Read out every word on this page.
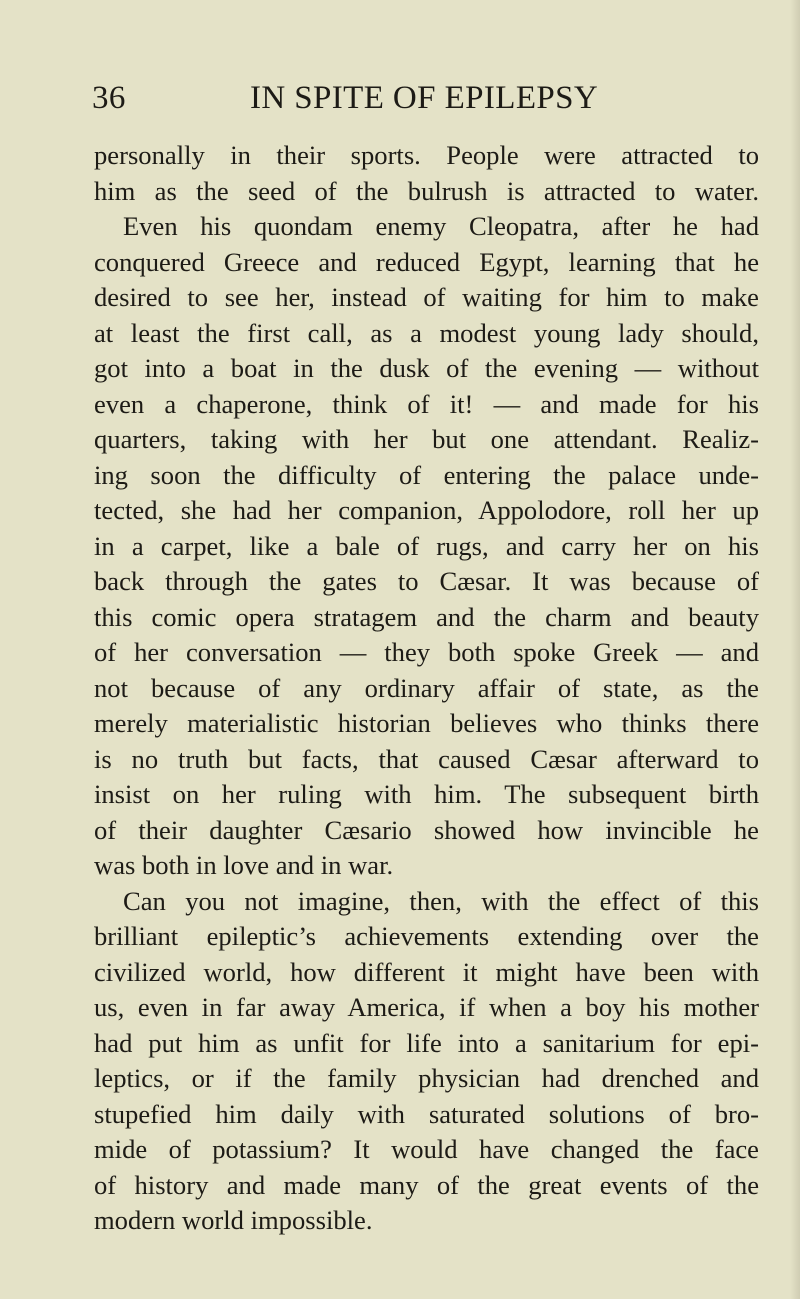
36	IN SPITE OF EPILEPSY
personally in their sports. People were attracted to
him as the seed of the bulrush is attracted to water.
Even his quondam enemy Cleopatra, after he had
conquered Greece and reduced Egypt, learning that he
desired to see her, instead of waiting for him to make
at least the first call, as a modest young lady should,
got into a boat in the dusk of the evening — without
even a chaperone, think of it! — and made for his
quarters, taking with her but one attendant. Realiz-
ing soon the difficulty of entering the palace unde-
tected, she had her companion, Appolodore, roll her up
in a carpet, like a bale of rugs, and carry her on his
back through the gates to Cæsar. It was because of
this comic opera stratagem and the charm and beauty
of her conversation — they both spoke Greek — and
not because of any ordinary affair of state, as the
merely materialistic historian believes who thinks there
is no truth but facts, that caused Cæsar afterward to
insist on her ruling with him. The subsequent birth
of their daughter Cæsario showed how invincible he
was both in love and in war.
Can you not imagine, then, with the effect of this
brilliant epileptic’s achievements extending over the
civilized world, how different it might have been with
us, even in far away America, if when a boy his mother
had put him as unfit for life into a sanitarium for epi-
leptics, or if the family physician had drenched and
stupefied him daily with saturated solutions of bro-
mide of potassium? It would have changed the face
of history and made many of the great events of the
modern world impossible.
